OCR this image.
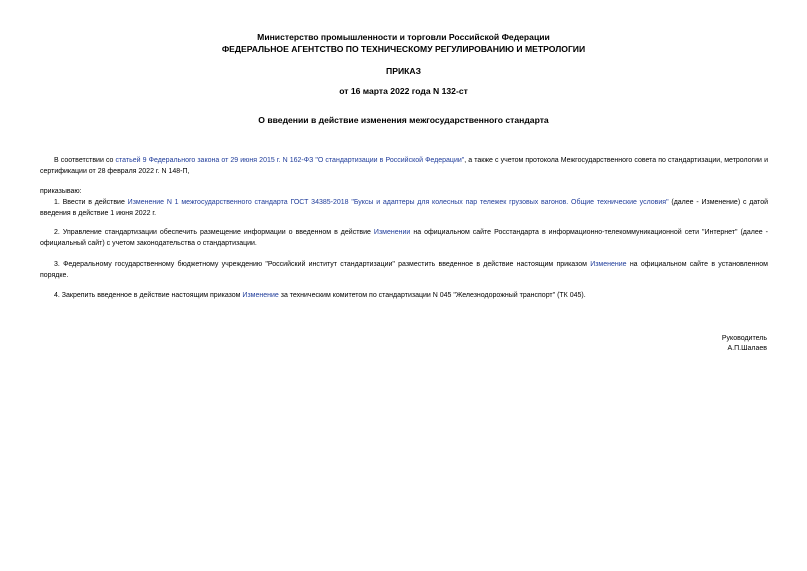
Министерство промышленности и торговли Российской Федерации
ФЕДЕРАЛЬНОЕ АГЕНТСТВО ПО ТЕХНИЧЕСКОМУ РЕГУЛИРОВАНИЮ И МЕТРОЛОГИИ
ПРИКАЗ
от 16 марта 2022 года N 132-ст
О введении в действие изменения межгосударственного стандарта
В соответствии со статьей 9 Федерального закона от 29 июня 2015 г. N 162-ФЗ "О стандартизации в Российской Федерации", а также с учетом протокола Межгосударственного совета по стандартизации, метрологии и сертификации от 28 февраля 2022 г. N 148-П,
приказываю:
1. Ввести в действие Изменение N 1 межгосударственного стандарта ГОСТ 34385-2018 "Буксы и адаптеры для колесных пар тележек грузовых вагонов. Общие технические условия" (далее - Изменение) с датой введения в действие 1 июня 2022 г.
2. Управление стандартизации обеспечить размещение информации о введенном в действие Изменении на официальном сайте Росстандарта в информационно-телекоммуникационной сети "Интернет" (далее - официальный сайт) с учетом законодательства о стандартизации.
3. Федеральному государственному бюджетному учреждению "Российский институт стандартизации" разместить введенное в действие настоящим приказом Изменение на официальном сайте в установленном порядке.
4. Закрепить введенное в действие настоящим приказом Изменение за техническим комитетом по стандартизации N 045 "Железнодорожный транспорт" (ТК 045).
Руководитель
А.П.Шалаев
